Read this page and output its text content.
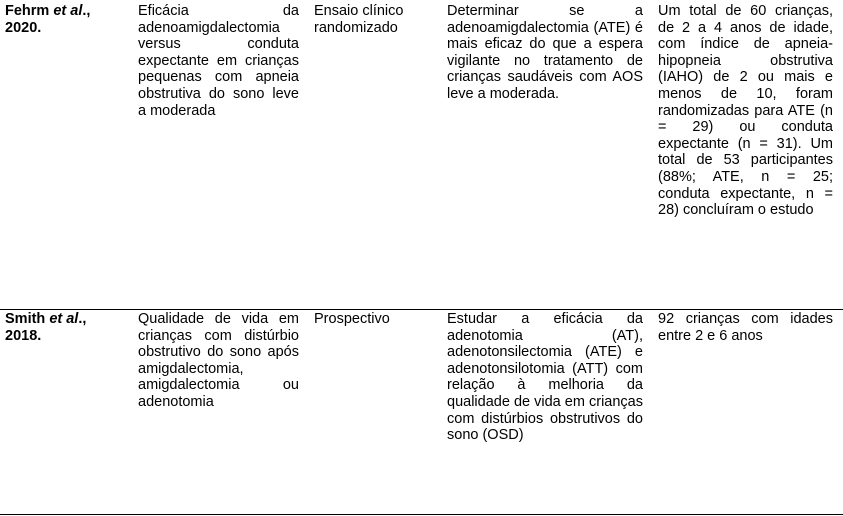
Fehrm et al., 2020.	Eficácia da adenoamigdalectomia versus conduta expectante em crianças pequenas com apneia obstrutiva do sono leve a moderada	Ensaio clínico randomizado	Determinar se a adenoamigdalectomia (ATE) é mais eficaz do que a espera vigilante no tratamento de crianças saudáveis com AOS leve a moderada.	Um total de 60 crianças, de 2 a 4 anos de idade, com índice de apneia-hipopneia obstrutiva (IAHO) de 2 ou mais e menos de 10, foram randomizadas para ATE (n = 29) ou conduta expectante (n = 31). Um total de 53 participantes (88%; ATE, n = 25; conduta expectante, n = 28) concluíram o estudo
Smith et al., 2018.	Qualidade de vida em crianças com distúrbio obstrutivo do sono após amigdalectomia, amigdalectomia ou adenotomia	Prospectivo	Estudar a eficácia da adenotomia (AT), adenotonsilectomia (ATE) e adenotonsilotomia (ATT) com relação à melhoria da qualidade de vida em crianças com distúrbios obstrutivos do sono (OSD)	92 crianças com idades entre 2 e 6 anos
